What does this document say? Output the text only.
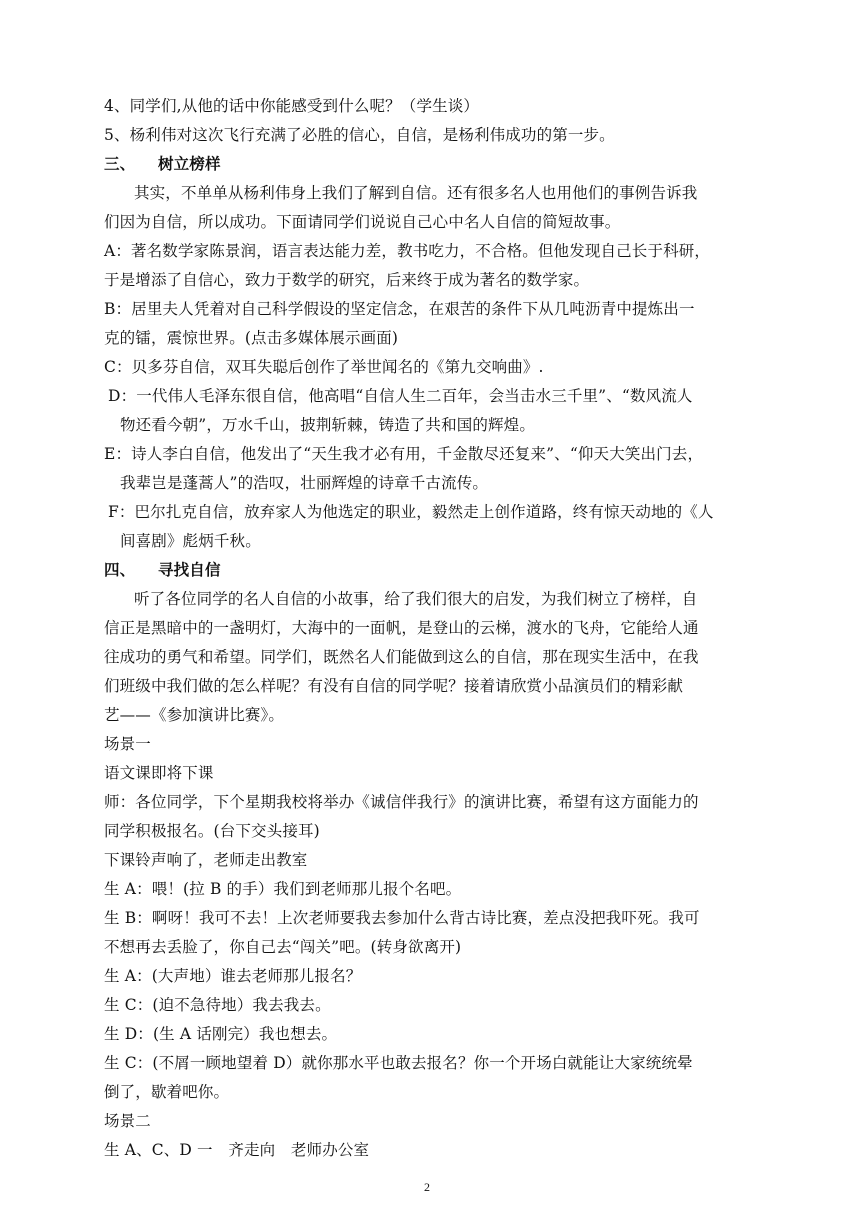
4、同学们,从他的话中你能感受到什么呢？（学生谈）
5、杨利伟对这次飞行充满了必胜的信心，自信，是杨利伟成功的第一步。
三、 树立榜样
其实，不单单从杨利伟身上我们了解到自信。还有很多名人也用他们的事例告诉我
们因为自信，所以成功。下面请同学们说说自己心中名人自信的简短故事。
A：著名数学家陈景润，语言表达能力差，教书吃力，不合格。但他发现自己长于科研，
于是增添了自信心，致力于数学的研究，后来终于成为著名的数学家。
B：居里夫人凭着对自己科学假设的坚定信念，在艰苦的条件下从几吨沥青中提炼出一
克的镭，震惊世界。(点击多媒体展示画面)
C：贝多芬自信，双耳失聪后创作了举世闻名的《第九交响曲》.
D：一代伟人毛泽东很自信，他高唱“自信人生二百年，会当击水三千里”、“数风流人
物还看今朝”，万水千山，披荆斩棘，铸造了共和国的辉煌。
E：诗人李白自信，他发出了“天生我才必有用，千金散尽还复来”、“仰天大笑出门去，
我辈岂是蓬蒿人”的浩叹，壮丽辉煌的诗章千古流传。
F：巴尔扎克自信，放弃家人为他选定的职业，毅然走上创作道路，终有惊天动地的《人
间喜剧》彪炳千秋。
四、 寻找自信
听了各位同学的名人自信的小故事，给了我们很大的启发，为我们树立了榜样，自
信正是黑暗中的一盏明灯，大海中的一面帆，是登山的云梯，渡水的飞舟，它能给人通
往成功的勇气和希望。同学们，既然名人们能做到这么的自信，那在现实生活中，在我
们班级中我们做的怎么样呢？有没有自信的同学呢？接着请欣赏小品演员们的精彩献
艺——《参加演讲比赛》。
场景一
语文课即将下课
师：各位同学，下个星期我校将举办《诚信伴我行》的演讲比赛，希望有这方面能力的
同学积极报名。(台下交头接耳)
下课铃声响了，老师走出教室
生 A：喂！(拉 B 的手）我们到老师那儿报个名吧。
生 B：啊呀！我可不去！上次老师要我去参加什么背古诗比赛，差点没把我吓死。我可
不想再去丢脸了，你自己去“闯关”吧。(转身欲离开)
生 A：(大声地）谁去老师那儿报名？
生 C：(迫不急待地）我去我去。
生 D：(生 A 话刚完）我也想去。
生 C：(不屑一顾地望着 D）就你那水平也敢去报名？你一个开场白就能让大家统统晕
倒了，歇着吧你。
场景二
生 A、C、D 一　齐走向　老师办公室
2
